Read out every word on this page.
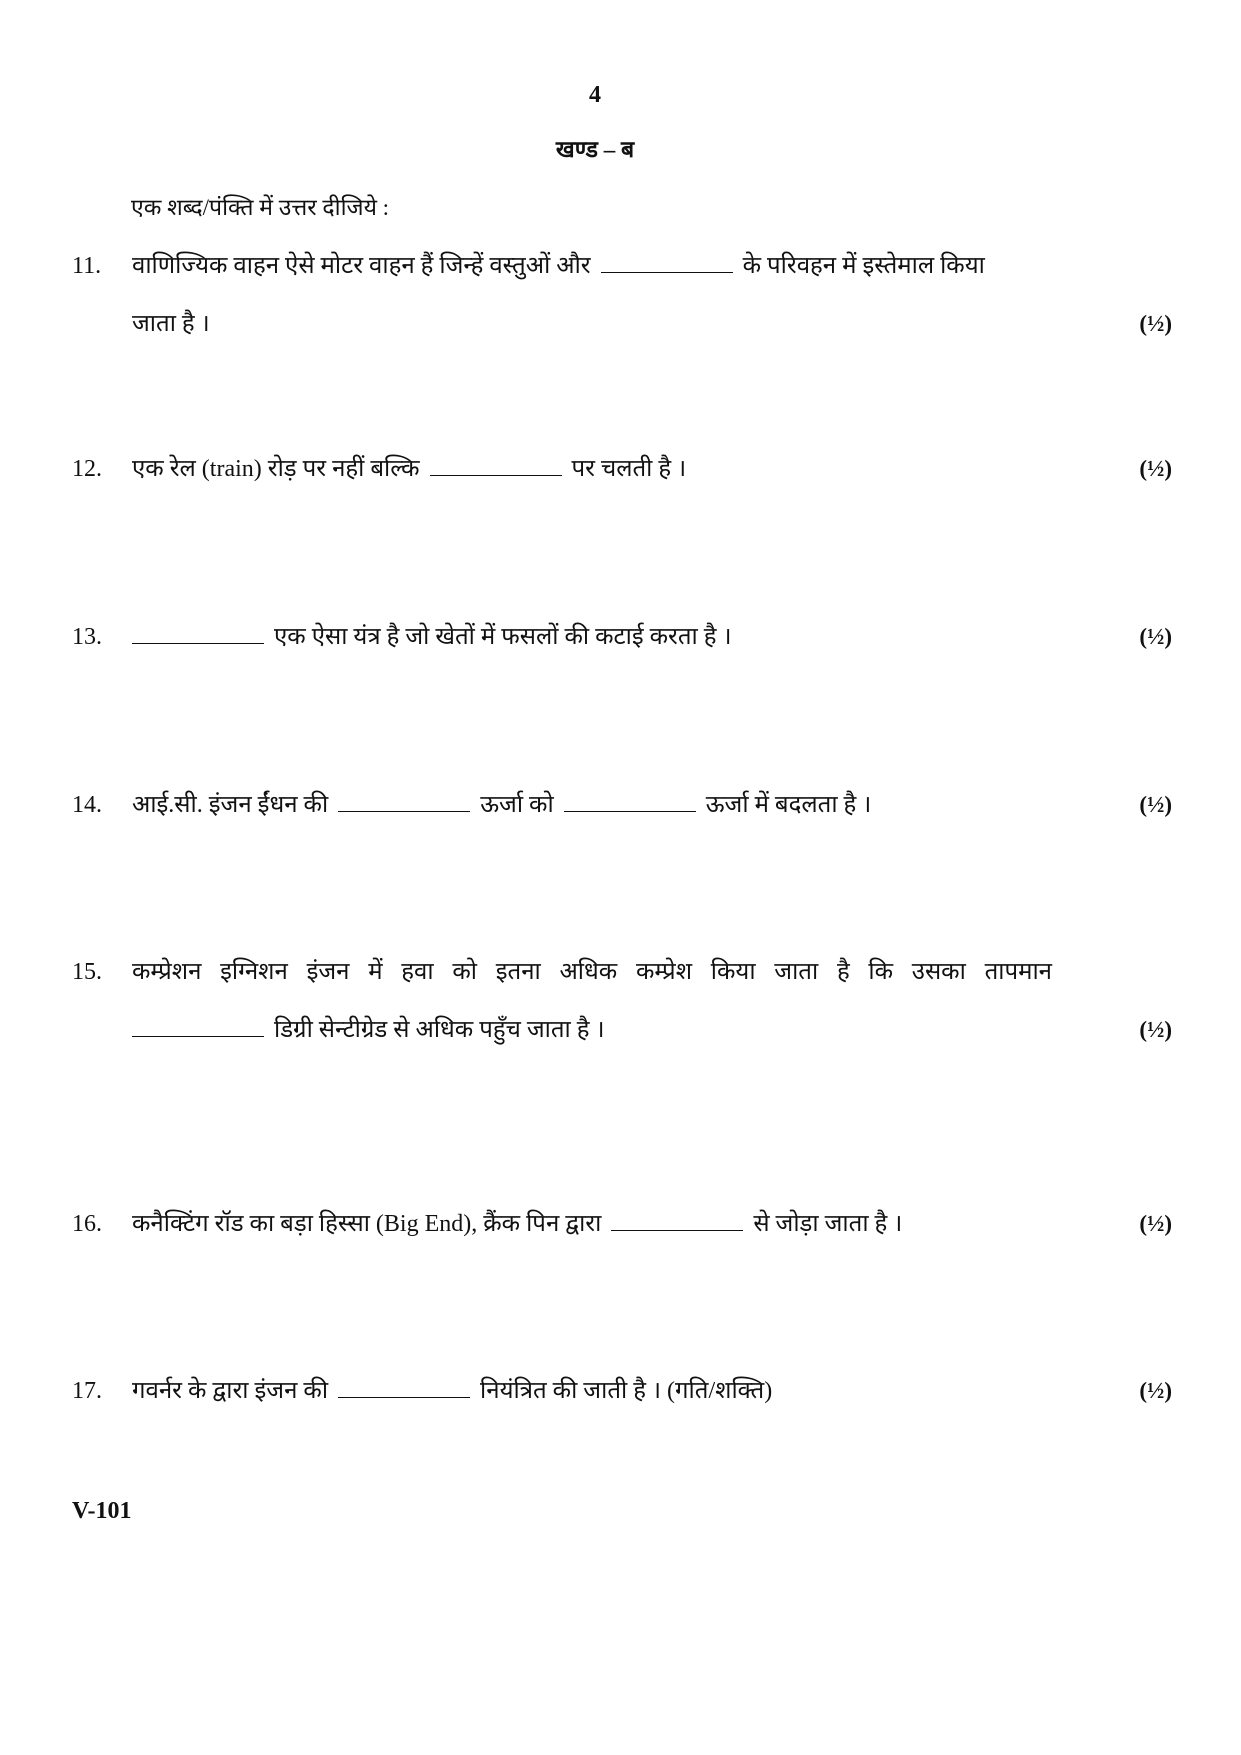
4
खण्ड – ब
एक शब्द/पंक्ति में उत्तर दीजिये :
11.	वाणिज्यिक वाहन ऐसे मोटर वाहन हैं जिन्हें वस्तुओं और	के परिवहन में इस्तेमाल किया
जाता है ।	(½)
12.	एक रेल (train) रोड़ पर नहीं बल्कि	पर चलती है ।	(½)
13.	एक ऐसा यंत्र है जो खेतों में फसलों की कटाई करता है ।	(½)
14.	आई.सी. इंजन ईंधन की	ऊर्जा को	ऊर्जा में बदलता है ।	(½)
15.	कम्प्रेशन इग्निशन इंजन में हवा को इतना अधिक कम्प्रेश किया जाता है कि उसका तापमान
डिग्री सेन्टीग्रेड से अधिक पहुँच जाता है ।	(½)
16.	कनैक्टिंग रॉड का बड़ा हिस्सा (Big End), क्रैंक पिन द्वारा	से जोड़ा जाता है ।	(½)
17.	गवर्नर के द्वारा इंजन की	नियंत्रित की जाती है । (गति/शक्ति)	(½)
V-101
